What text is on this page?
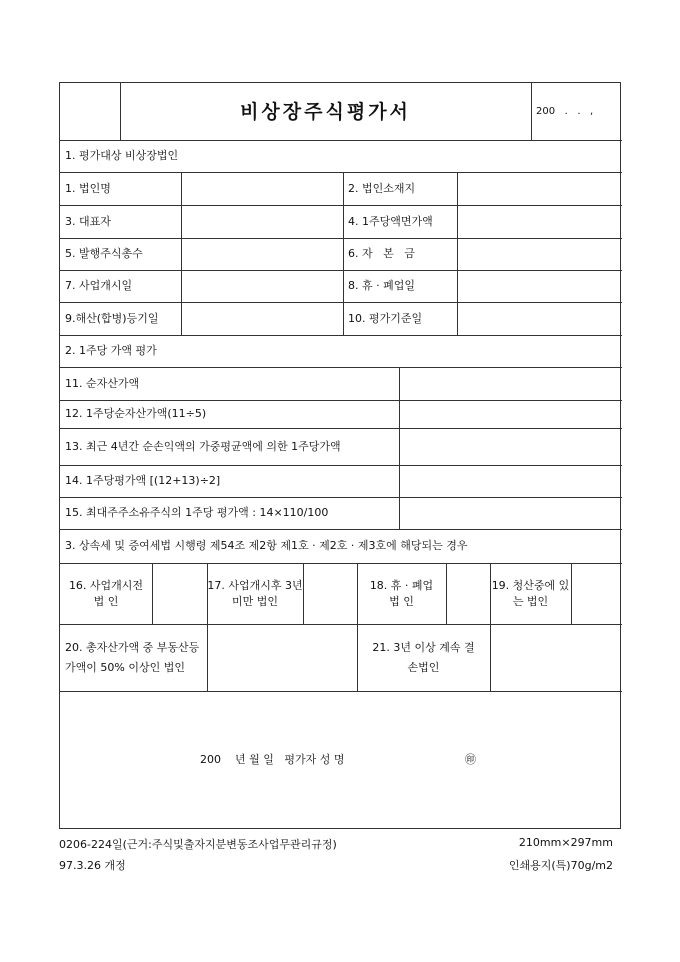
비상장주식평가서	200   .   .   ,
1. 평가대상 비상장법인
1. 법인명	2. 법인소재지
3. 대표자	4. 1주당액면가액
5. 발행주식총수	6. 자   본   금
7. 사업개시일	8. 휴 · 폐업일
9.해산(합병)등기일	10. 평가기준일
2. 1주당 가액 평가
11. 순자산가액
12. 1주당순자산가액(11÷5)
13. 최근 4년간 순손익액의 가중평균액에 의한 1주당가액
14. 1주당평가액 [(12+13)÷2]
15. 최대주주소유주식의 1주당 평가액 : 14×110/100
3. 상속세 및 증여세법 시행령 제54조 제2항 제1호 · 제2호 · 제3호에 해당되는 경우
16. 사업개시전 법 인
17. 사업개시후 3년미만 법인
18. 휴 · 폐업 법 인
19. 청산중에 있는 법인
20. 총자산가액 중 부동산등 가액이 50% 이상인 법인
21. 3년 이상 계속 결손법인
200    년 월 일   평가자 성 명	㊞
0206-224일(근거:주식및출자지분변동조사업무관리규정)
97.3.26 개정
210mm×297mm
인쇄용지(특)70g/m2
